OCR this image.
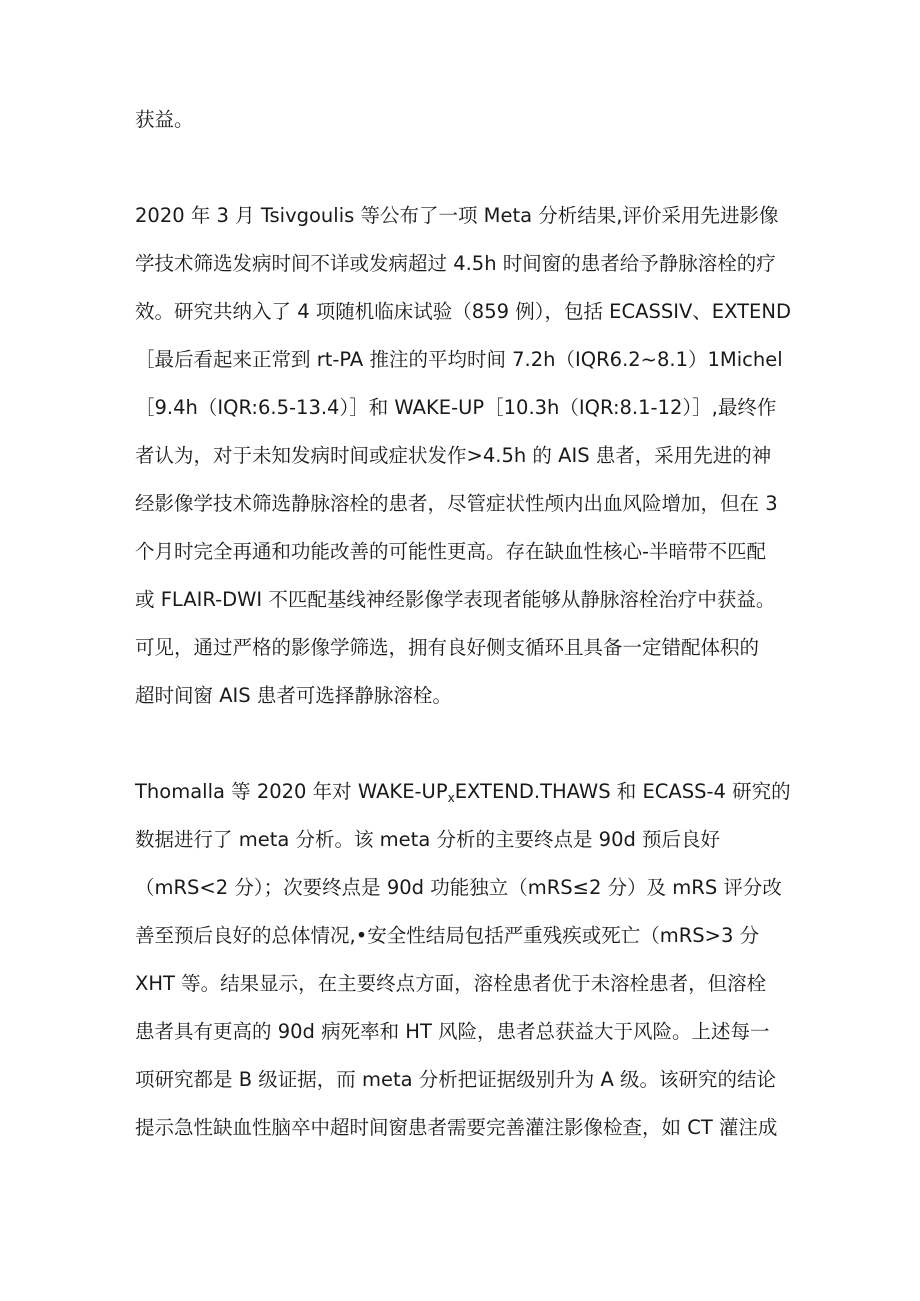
获益。
2020 年 3 月 Tsivgoulis 等公布了一项 Meta 分析结果,评价采用先进影像
学技术筛选发病时间不详或发病超过 4.5h 时间窗的患者给予静脉溶栓的疗
效。研究共纳入了 4 项随机临床试验（859 例），包括 ECASSIV、EXTEND
［最后看起来正常到 rt-PA 推注的平均时间 7.2h（IQR6.2~8.1）1Michel
［9.4h（IQR:6.5-13.4）］和 WAKE-UP［10.3h（IQR:8.1-12）］,最终作
者认为，对于未知发病时间或症状发作>4.5h 的 AIS 患者，采用先进的神
经影像学技术筛选静脉溶栓的患者，尽管症状性颅内出血风险增加，但在 3
个月时完全再通和功能改善的可能性更高。存在缺血性核心-半暗带不匹配
或 FLAIR-DWI 不匹配基线神经影像学表现者能够从静脉溶栓治疗中获益。
可见，通过严格的影像学筛选，拥有良好侧支循环且具备一定错配体积的
超时间窗 AIS 患者可选择静脉溶栓。
Thomalla 等 2020 年对 WAKE-$UP_xEXTEND.THAWS$ 和 ECASS-4 研究的
数据进行了 meta 分析。该 meta 分析的主要终点是 90d 预后良好
（mRS<2 分）；次要终点是 90d 功能独立（mRS≤2 分）及 mRS 评分改
善至预后良好的总体情况,•安全性结局包括严重残疾或死亡（mRS>3 分
XHT 等。结果显示，在主要终点方面，溶栓患者优于未溶栓患者，但溶栓
患者具有更高的 90d 病死率和 HT 风险，患者总获益大于风险。上述每一
项研究都是 B 级证据，而 meta 分析把证据级别升为 A 级。该研究的结论
提示急性缺血性脑卒中超时间窗患者需要完善灌注影像检查，如 CT 灌注成
